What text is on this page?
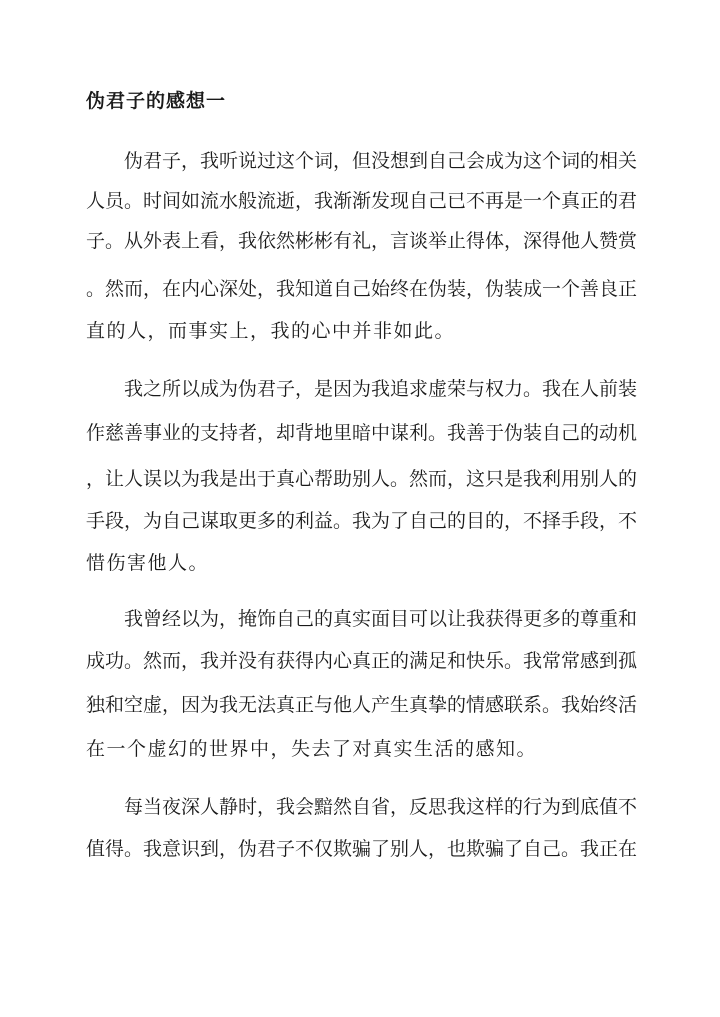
伪君子的感想一

伪君子，我听说过这个词，但没想到自己会成为这个词的相关

人员。时间如流水般流逝，我渐渐发现自己已不再是一个真正的君

子。从外表上看，我依然彬彬有礼，言谈举止得体，深得他人赞赏

。然而，在内心深处，我知道自己始终在伪装，伪装成一个善良正

直的人，而事实上，我的心中并非如此。

我之所以成为伪君子，是因为我追求虚荣与权力。我在人前装

作慈善事业的支持者，却背地里暗中谋利。我善于伪装自己的动机

，让人误以为我是出于真心帮助别人。然而，这只是我利用别人的

手段，为自己谋取更多的利益。我为了自己的目的，不择手段，不

惜伤害他人。

我曾经以为，掩饰自己的真实面目可以让我获得更多的尊重和

成功。然而，我并没有获得内心真正的满足和快乐。我常常感到孤

独和空虚，因为我无法真正与他人产生真挚的情感联系。我始终活

在一个虚幻的世界中，失去了对真实生活的感知。

每当夜深人静时，我会黯然自省，反思我这样的行为到底值不

值得。我意识到，伪君子不仅欺骗了别人，也欺骗了自己。我正在
